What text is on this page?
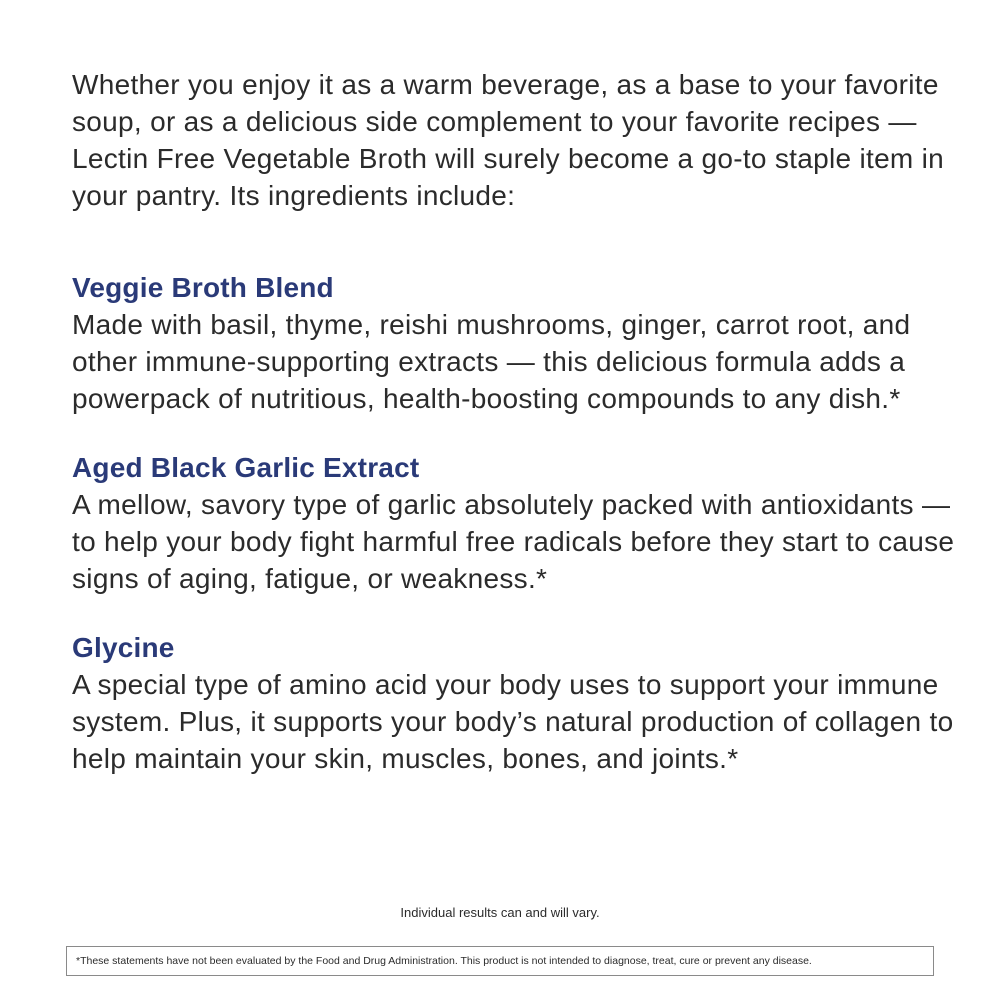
Whether you enjoy it as a warm beverage, as a base to your favorite soup, or as a delicious side complement to your favorite recipes — Lectin Free Vegetable Broth will surely become a go-to staple item in your pantry. Its ingredients include:

Veggie Broth Blend

Made with basil, thyme, reishi mushrooms, ginger, carrot root, and other immune-supporting extracts — this delicious formula adds a powerpack of nutritious, health-boosting compounds to any dish.*

Aged Black Garlic Extract

A mellow, savory type of garlic absolutely packed with antioxidants — to help your body fight harmful free radicals before they start to cause signs of aging, fatigue, or weakness.*

Glycine

A special type of amino acid your body uses to support your immune system. Plus, it supports your body’s natural production of collagen to help maintain your skin, muscles, bones, and joints.*

Individual results can and will vary.
*These statements have not been evaluated by the Food and Drug Administration. This product is not intended to diagnose, treat, cure or prevent any disease.
